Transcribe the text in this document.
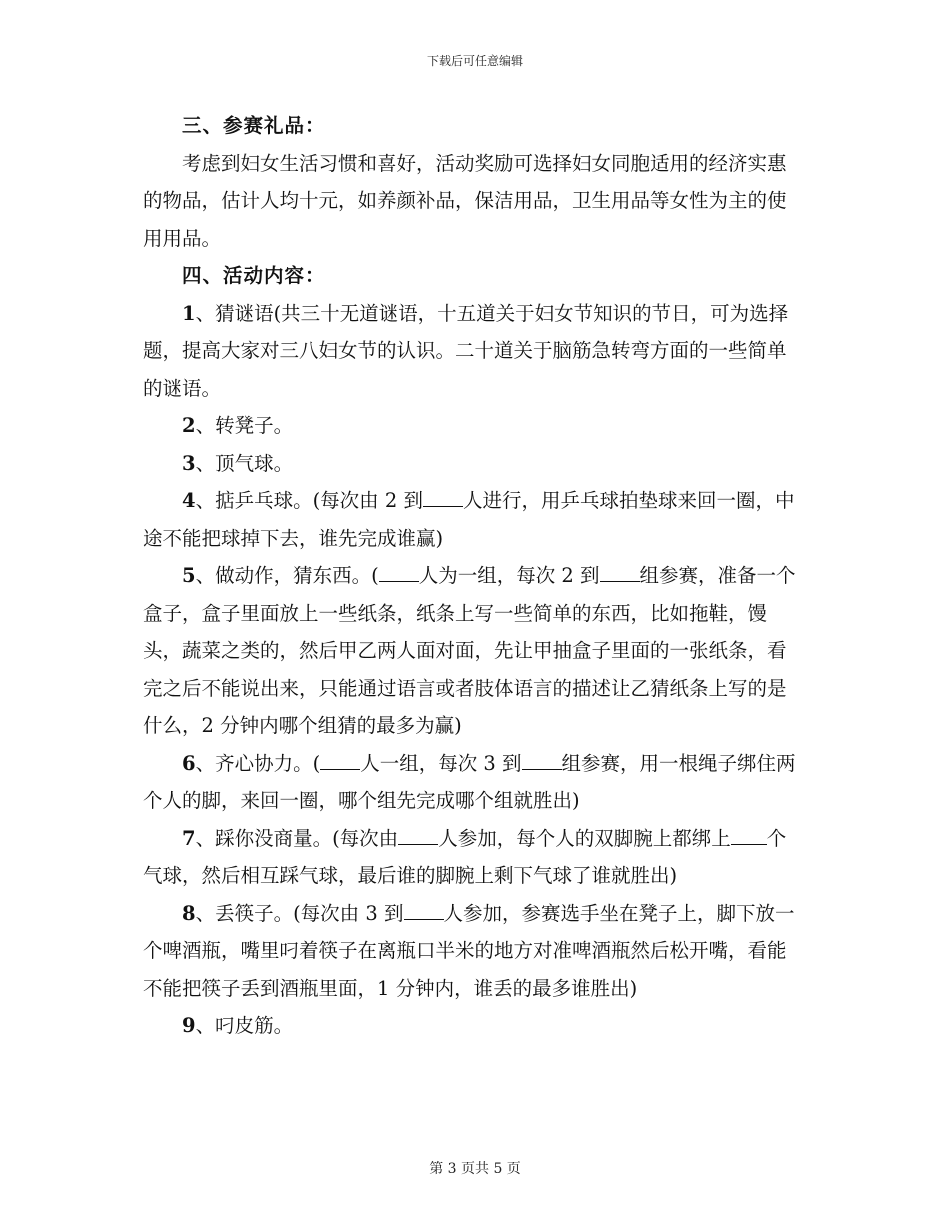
下载后可任意编辑

三、参赛礼品：

考虑到妇女生活习惯和喜好，活动奖励可选择妇女同胞适用的经济实惠的物品，估计人均十元，如养颜补品，保洁用品，卫生用品等女性为主的使用用品。

四、活动内容：

1、猜谜语(共三十无道谜语，十五道关于妇女节知识的节日，可为选择题，提高大家对三八妇女节的认识。二十道关于脑筋急转弯方面的一些简单的谜语。

2、转凳子。

3、顶气球。

4、掂乒乓球。(每次由 2 到 人进行，用乒乓球拍垫球来回一圈，中途不能把球掉下去，谁先完成谁赢)

5、做动作，猜东西。( 人为一组，每次 2 到 组参赛，准备一个盒子，盒子里面放上一些纸条，纸条上写一些简单的东西，比如拖鞋，馒头，蔬菜之类的，然后甲乙两人面对面，先让甲抽盒子里面的一张纸条，看完之后不能说出来，只能通过语言或者肢体语言的描述让乙猜纸条上写的是什么，2 分钟内哪个组猜的最多为赢)

6、齐心协力。( 人一组，每次 3 到 组参赛，用一根绳子绑住两个人的脚，来回一圈，哪个组先完成哪个组就胜出)

7、踩你没商量。(每次由 人参加，每个人的双脚腕上都绑上 个气球，然后相互踩气球，最后谁的脚腕上剩下气球了谁就胜出)

8、丢筷子。(每次由 3 到 人参加，参赛选手坐在凳子上，脚下放一个啤酒瓶，嘴里叼着筷子在离瓶口半米的地方对准啤酒瓶然后松开嘴，看能不能把筷子丢到酒瓶里面，1 分钟内，谁丢的最多谁胜出)

9、叼皮筋。

第 3 页共 5 页
